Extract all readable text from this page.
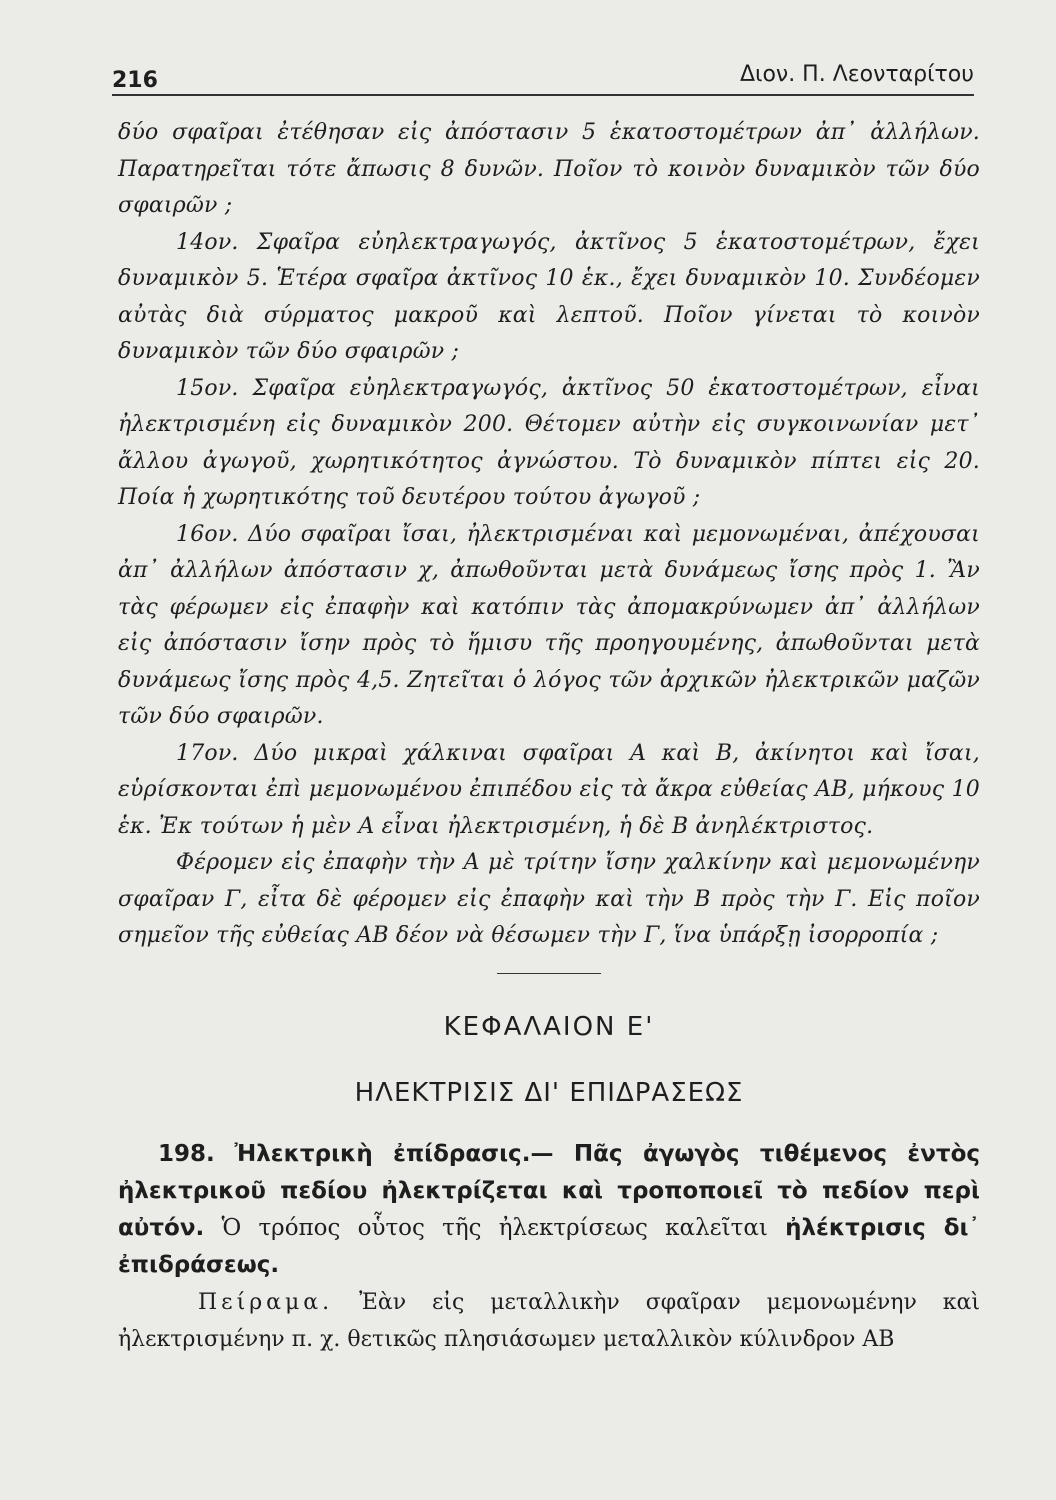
216	Διον. Π. Λεονταρίτου

δύο σφαῖραι ἐτέθησαν εἰς ἀπόστασιν 5 ἑκατοστομέτρων ἀπ᾽ ἀλλήλων. Παρατηρεῖται τότε ἄπωσις 8 δυνῶν. Ποῖον τὸ κοινὸν δυναμικὸν τῶν δύο σφαιρῶν ;

14ον. Σφαῖρα εὐηλεκτραγωγός, ἀκτῖνος 5 ἑκατοστομέτρων, ἔχει δυναμικὸν 5. Ἑτέρα σφαῖρα ἀκτῖνος 10 ἑκ., ἔχει δυναμικὸν 10. Συνδέομεν αὐτὰς διὰ σύρματος μακροῦ καὶ λεπτοῦ. Ποῖον γίνεται τὸ κοινὸν δυναμικὸν τῶν δύο σφαιρῶν ;

15ον. Σφαῖρα εὐηλεκτραγωγός, ἀκτῖνος 50 ἑκατοστομέτρων, εἶναι ἠλεκτρισμένη εἰς δυναμικὸν 200. Θέτομεν αὐτὴν εἰς συγκοινωνίαν μετ᾽ ἄλλου ἀγωγοῦ, χωρητικότητος ἀγνώστου. Τὸ δυναμικὸν πίπτει εἰς 20. Ποία ἡ χωρητικότης τοῦ δευτέρου τούτου ἀγωγοῦ ;

16ον. Δύο σφαῖραι ἴσαι, ἠλεκτρισμέναι καὶ μεμονωμέναι, ἀπέχουσαι ἀπ᾽ ἀλλήλων ἀπόστασιν χ, ἀπωθοῦνται μετὰ δυνάμεως ἴσης πρὸς 1. Ἂν τὰς φέρωμεν εἰς ἐπαφὴν καὶ κατόπιν τὰς ἀπομακρύνωμεν ἀπ᾽ ἀλλήλων εἰς ἀπόστασιν ἴσην πρὸς τὸ ἥμισυ τῆς προηγουμένης, ἀπωθοῦνται μετὰ δυνάμεως ἴσης πρὸς 4,5. Ζητεῖται ὁ λόγος τῶν ἀρχικῶν ἠλεκτρικῶν μαζῶν τῶν δύο σφαιρῶν.

17ον. Δύο μικραὶ χάλκιναι σφαῖραι Α καὶ Β, ἀκίνητοι καὶ ἴσαι, εὑρίσκονται ἐπὶ μεμονωμένου ἐπιπέδου εἰς τὰ ἄκρα εὐθείας ΑΒ, μήκους 10 ἑκ. Ἐκ τούτων ἡ μὲν Α εἶναι ἠλεκτρισμένη, ἡ δὲ Β ἀνηλέκτριστος.

Φέρομεν εἰς ἐπαφὴν τὴν Α μὲ τρίτην ἴσην χαλκίνην καὶ μεμονωμένην σφαῖραν Γ, εἶτα δὲ φέρομεν εἰς ἐπαφὴν καὶ τὴν Β πρὸς τὴν Γ. Εἰς ποῖον σημεῖον τῆς εὐθείας ΑΒ δέον νὰ θέσωμεν τὴν Γ, ἵνα ὑπάρξῃ ἰσορροπία ;

ΚΕΦΑΛΑΙΟΝ Ε'
ΗΛΕΚΤΡΙΣΙΣ ΔΙ' ΕΠΙΔΡΑΣΕΩΣ

198. Ἠλεκτρικὴ ἐπίδρασις.— Πᾶς ἀγωγὸς τιθέμενος ἐντὸς ἠλεκτρικοῦ πεδίου ἠλεκτρίζεται καὶ τροποποιεῖ τὸ πεδίον περὶ αὐτόν. Ὁ τρόπος οὗτος τῆς ἠλεκτρίσεως καλεῖται ἠλέκτρισις δι᾽ ἐπιδράσεως.

Πείραμα. Ἐὰν εἰς μεταλλικὴν σφαῖραν μεμονωμένην καὶ ἠλεκτρισμένην π. χ. θετικῶς πλησιάσωμεν μεταλλικὸν κύλινδρον ΑΒ
